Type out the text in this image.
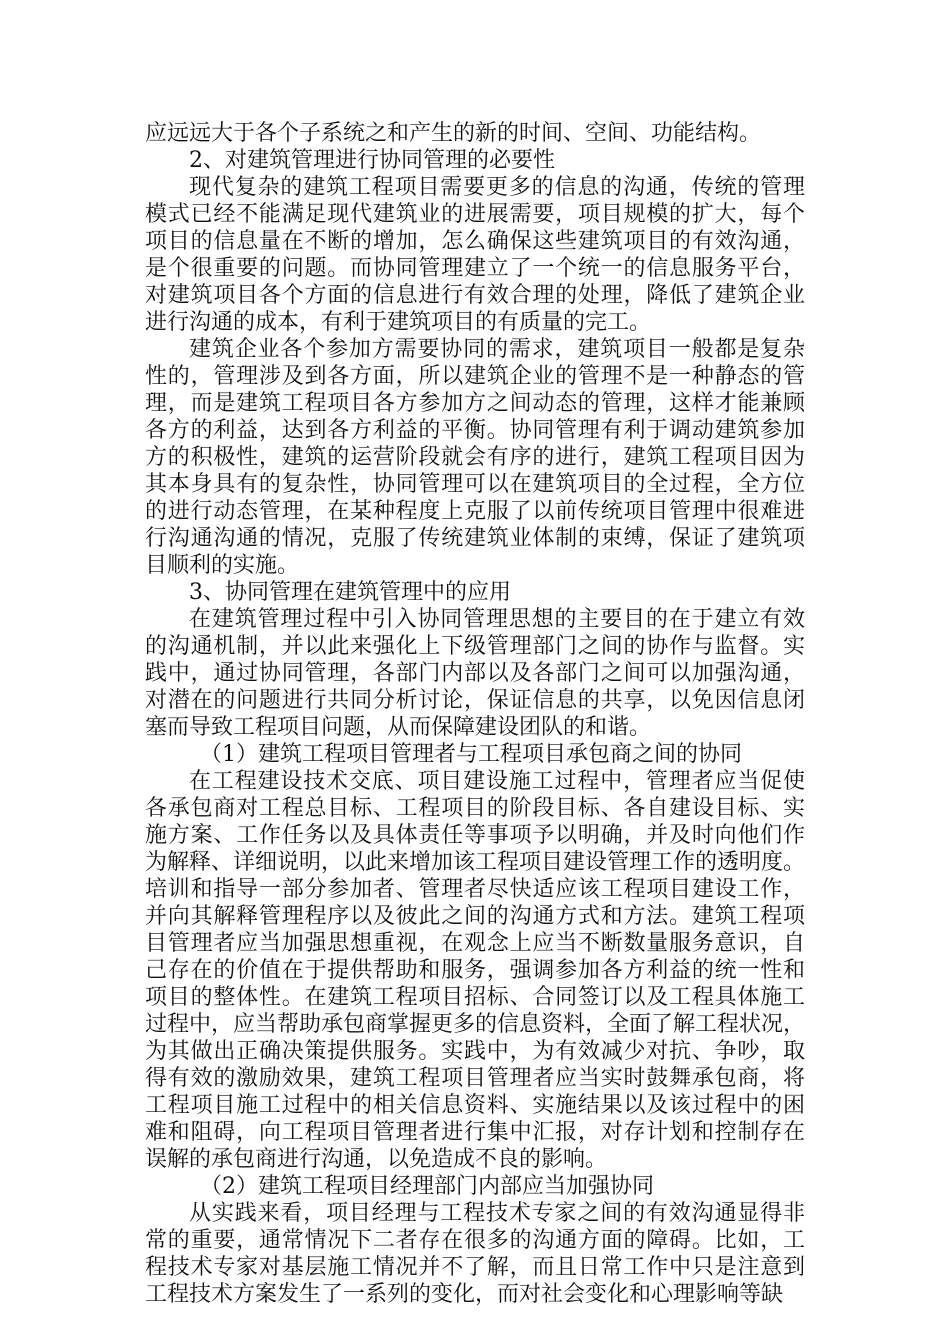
应远远大于各个子系统之和产生的新的时间、空间、功能结构。

2、对建筑管理进行协同管理的必要性

现代复杂的建筑工程项目需要更多的信息的沟通，传统的管理
模式已经不能满足现代建筑业的进展需要，项目规模的扩大，每个
项目的信息量在不断的增加，怎么确保这些建筑项目的有效沟通，
是个很重要的问题。而协同管理建立了一个统一的信息服务平台，
对建筑项目各个方面的信息进行有效合理的处理，降低了建筑企业
进行沟通的成本，有利于建筑项目的有质量的完工。

建筑企业各个参加方需要协同的需求，建筑项目一般都是复杂
性的，管理涉及到各方面，所以建筑企业的管理不是一种静态的管
理，而是建筑工程项目各方参加方之间动态的管理，这样才能兼顾
各方的利益，达到各方利益的平衡。协同管理有利于调动建筑参加
方的积极性，建筑的运营阶段就会有序的进行，建筑工程项目因为
其本身具有的复杂性，协同管理可以在建筑项目的全过程，全方位
的进行动态管理，在某种程度上克服了以前传统项目管理中很难进
行沟通沟通的情况，克服了传统建筑业体制的束缚，保证了建筑项
目顺利的实施。

3、协同管理在建筑管理中的应用

在建筑管理过程中引入协同管理思想的主要目的在于建立有效
的沟通机制，并以此来强化上下级管理部门之间的协作与监督。实
践中，通过协同管理，各部门内部以及各部门之间可以加强沟通，
对潜在的问题进行共同分析讨论，保证信息的共享，以免因信息闭
塞而导致工程项目问题，从而保障建设团队的和谐。

（1）建筑工程项目管理者与工程项目承包商之间的协同

在工程建设技术交底、项目建设施工过程中，管理者应当促使
各承包商对工程总目标、工程项目的阶段目标、各自建设目标、实
施方案、工作任务以及具体责任等事项予以明确，并及时向他们作
为解释、详细说明，以此来增加该工程项目建设管理工作的透明度。
培训和指导一部分参加者、管理者尽快适应该工程项目建设工作，
并向其解释管理程序以及彼此之间的沟通方式和方法。建筑工程项
目管理者应当加强思想重视，在观念上应当不断数量服务意识，自
己存在的价值在于提供帮助和服务，强调参加各方利益的统一性和
项目的整体性。在建筑工程项目招标、合同签订以及工程具体施工
过程中，应当帮助承包商掌握更多的信息资料，全面了解工程状况，
为其做出正确决策提供服务。实践中，为有效减少对抗、争吵，取
得有效的激励效果，建筑工程项目管理者应当实时鼓舞承包商，将
工程项目施工过程中的相关信息资料、实施结果以及该过程中的困
难和阻碍，向工程项目管理者进行集中汇报，对存计划和控制存在
误解的承包商进行沟通，以免造成不良的影响。

（2）建筑工程项目经理部门内部应当加强协同

从实践来看，项目经理与工程技术专家之间的有效沟通显得非
常的重要，通常情况下二者存在很多的沟通方面的障碍。比如，工
程技术专家对基层施工情况并不了解，而且日常工作中只是注意到
工程技术方案发生了一系列的变化，而对社会变化和心理影响等缺
